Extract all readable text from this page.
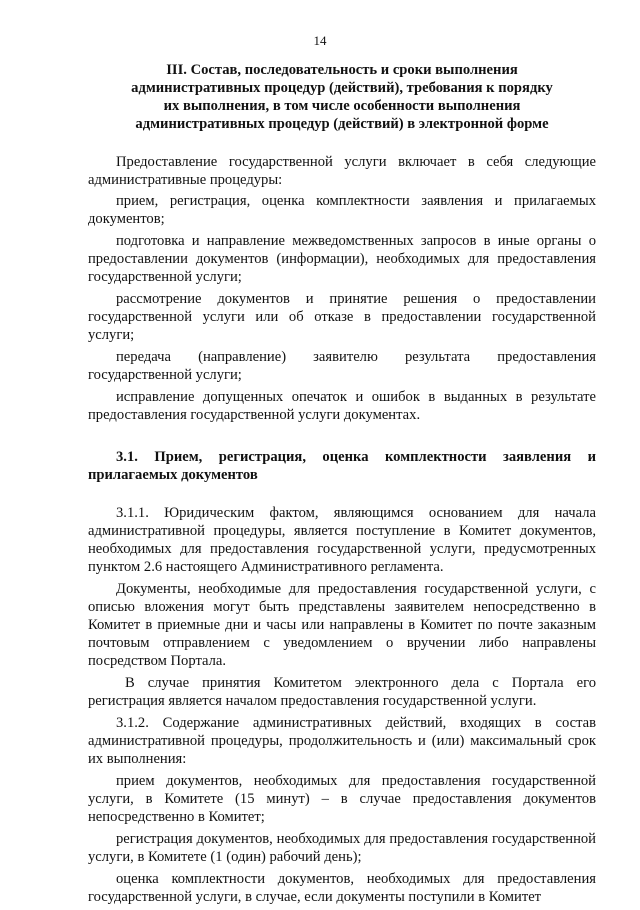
14
III. Состав, последовательность и сроки выполнения
административных процедур (действий), требования к порядку
их выполнения, в том числе особенности выполнения
административных процедур (действий) в электронной форме

Предоставление государственной услуги включает в себя следующие административные процедуры:

прием, регистрация, оценка комплектности заявления и прилагаемых документов;

подготовка и направление межведомственных запросов в иные органы о предоставлении документов (информации), необходимых для предоставления государственной услуги;

рассмотрение документов и принятие решения о предоставлении государственной услуги или об отказе в предоставлении государственной услуги;

передача (направление) заявителю результата предоставления государственной услуги;

исправление допущенных опечаток и ошибок в выданных в результате предоставления государственной услуги документах.

3.1. Прием, регистрация, оценка комплектности заявления и прилагаемых документов

3.1.1. Юридическим фактом, являющимся основанием для начала административной процедуры, является поступление в Комитет документов, необходимых для предоставления государственной услуги, предусмотренных пунктом 2.6 настоящего Административного регламента.

Документы, необходимые для предоставления государственной услуги, с описью вложения могут быть представлены заявителем непосредственно в Комитет в приемные дни и часы или направлены в Комитет по почте заказным почтовым отправлением с уведомлением о вручении либо направлены посредством Портала.

В случае принятия Комитетом электронного дела с Портала его регистрация является началом предоставления государственной услуги.

3.1.2. Содержание административных действий, входящих в состав административной процедуры, продолжительность и (или) максимальный срок их выполнения:

прием документов, необходимых для предоставления государственной услуги, в Комитете (15 минут) – в случае предоставления документов непосредственно в Комитет;

регистрация документов, необходимых для предоставления государственной услуги, в Комитете (1 (один) рабочий день);

оценка комплектности документов, необходимых для предоставления государственной услуги, в случае, если документы поступили в Комитет
